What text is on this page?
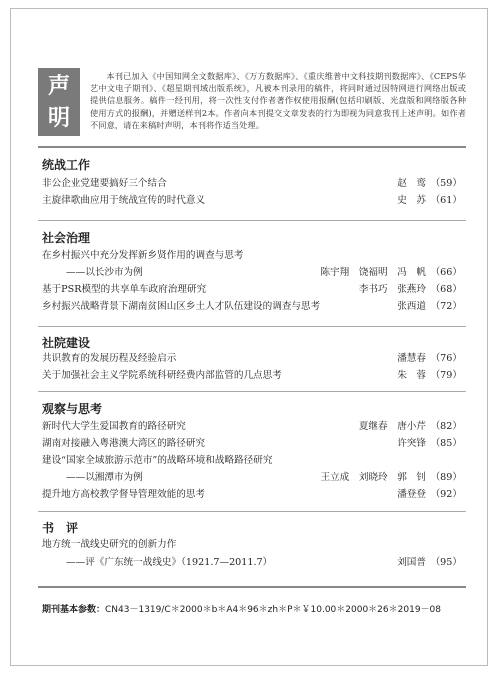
声明
本刊已加入《中国知网全文数据库》、《万方数据库》、《重庆维普中文科技期刊数据库》、《CEPS华艺中文电子期刊》、《超星期刊域出版系统》，凡被本刊录用的稿件，将同时通过因特网进行网络出版或提供信息服务。稿件一经刊用，将一次性支付作者著作权使用报酬(包括印刷版、光盘版和网络版各种使用方式的报酬)，并赠送样刊2本。作者向本刊提交文章发表的行为即视为同意我刊上述声明。如作者不同意，请在来稿时声明，本刊将作适当处理。
统战工作
非公企业党建要搞好三个结合	赵　鸾 （59）
主旋律歌曲应用于统战宣传的时代意义	史　苏 （61）
社会治理
在乡村振兴中充分发挥新乡贤作用的调查与思考
——以长沙市为例	陈宇翔　饶福明　冯　帆 （66）
基于PSR模型的共享单车政府治理研究	李书巧　张燕玲 （68）
乡村振兴战略背景下湖南贫困山区乡土人才队伍建设的调查与思考	张西道 （72）
社院建设
共识教育的发展历程及经验启示	潘慧春 （76）
关于加强社会主义学院系统科研经费内部监管的几点思考	朱　蓉 （79）
观察与思考
新时代大学生爱国教育的路径研究	夏继春　唐小芹 （82）
湖南对接融入粤港澳大湾区的路径研究	许突锋 （85）
建设“国家全域旅游示范市”的战略环境和战略路径研究
——以湘潭市为例	王立成　刘晓玲　郭　钊 （89）
提升地方高校教学督导管理效能的思考	潘登登 （92）
书　评
地方统一战线史研究的创新力作
——评《广东统一战线史》（1921.7—2011.7）	刘国普 （95）
期刊基本参数：CN43－1319/C＊2000＊b＊A4＊96＊zh＊P＊￥10.00＊2000＊26＊2019－08
